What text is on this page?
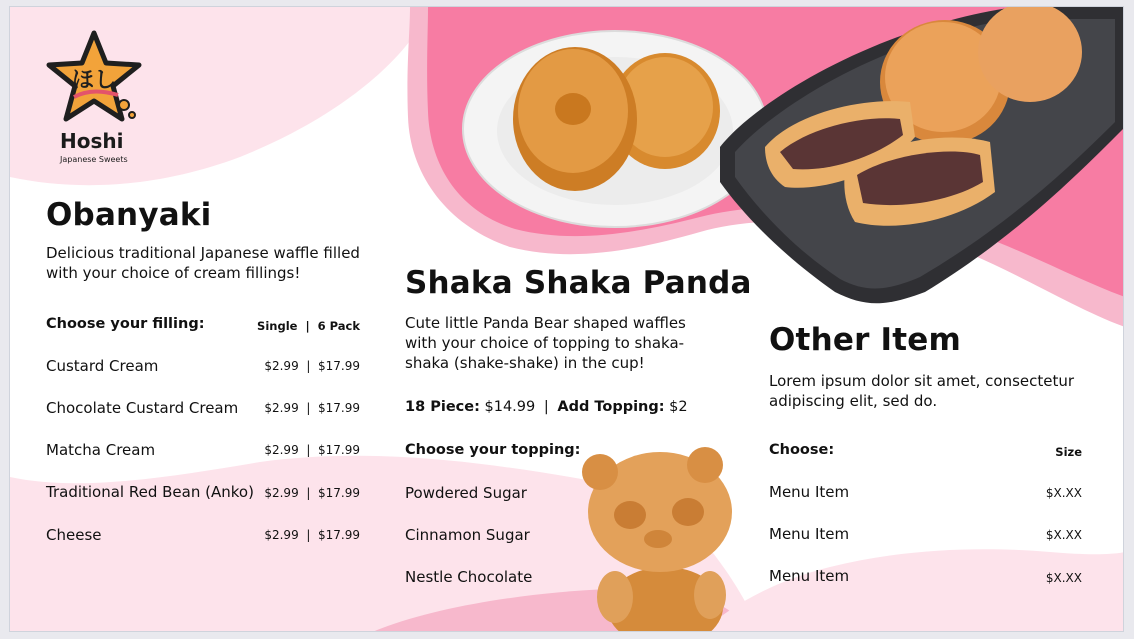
ほし
Hoshi
Japanese Sweets
Obanyaki
Delicious traditional Japanese waffle filled with your choice of cream fillings!
Choose your filling:	Single  |  6 Pack
Custard Cream	$2.99  |  $17.99
Chocolate Custard Cream	$2.99  |  $17.99
Matcha Cream	$2.99  |  $17.99
Traditional Red Bean (Anko) $2.99  |  $17.99
Cheese	$2.99  |  $17.99
Shaka Shaka Panda
Cute little Panda Bear shaped waffles with your choice of topping to shaka-shaka (shake-shake) in the cup!
18 Piece: $14.99 | Add Topping: $2
Choose your topping:
Powdered Sugar
Cinnamon Sugar
Nestle Chocolate
Other Item
Lorem ipsum dolor sit amet, consectetur adipiscing elit, sed do.
Choose:	Size
Menu Item	$X.XX
Menu Item	$X.XX
Menu Item	$X.XX
